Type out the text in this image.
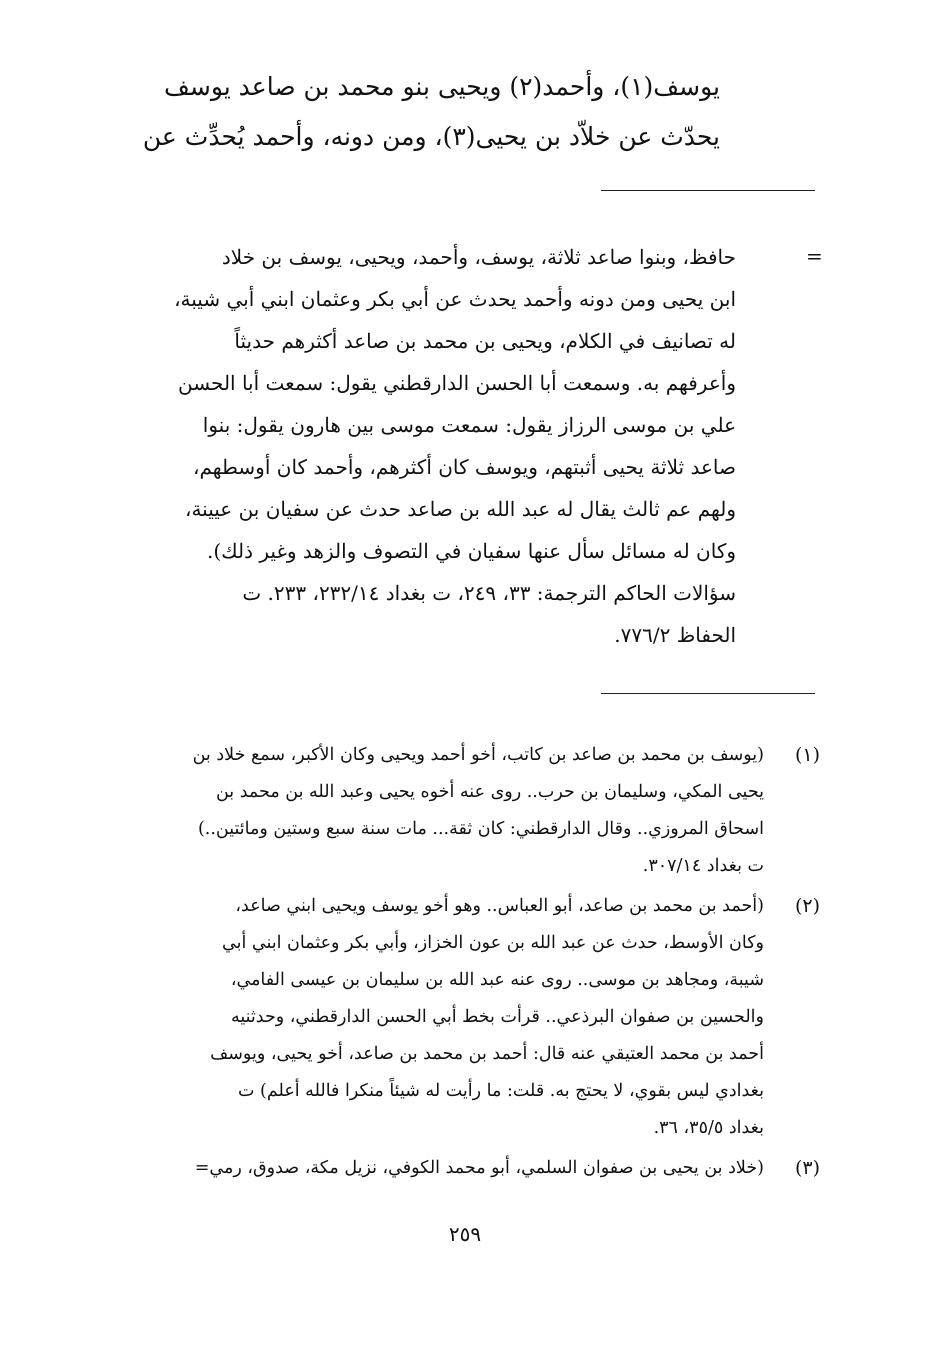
يوسف(١)، وأحمد(٢) ويحيى بنو محمد بن صاعد يوسف
يحدّث عن خلاّد بن يحيى(٣)، ومن دونه، وأحمد يُحدِّث عن
=
حافظ، وبنوا صاعد ثلاثة، يوسف، وأحمد، ويحيى، يوسف بن خلاد
ابن يحيى ومن دونه وأحمد يحدث عن أبي بكر وعثمان ابني أبي شيبة،
له تصانيف في الكلام، ويحيى بن محمد بن صاعد أكثرهم حديثاً
وأعرفهم به. وسمعت أبا الحسن الدارقطني يقول: سمعت أبا الحسن
علي بن موسى الرزاز يقول: سمعت موسى بين هارون يقول: بنوا
صاعد ثلاثة يحيى أثبتهم، ويوسف كان أكثرهم، وأحمد كان أوسطهم،
ولهم عم ثالث يقال له عبد الله بن صاعد حدث عن سفيان بن عيينة،
وكان له مسائل سأل عنها سفيان في التصوف والزهد وغير ذلك).
سؤالات الحاكم الترجمة: ٣٣، ٢٤٩، ت بغداد ٢٣٢/١٤، ٢٣٣. ت
الحفاظ ٧٧٦/٢.
(١)
(يوسف بن محمد بن صاعد بن كاتب، أخو أحمد ويحيى وكان الأكبر، سمع خلاد بن
يحيى المكي، وسليمان بن حرب.. روى عنه أخوه يحيى وعبد الله بن محمد بن
اسحاق المروزي.. وقال الدارقطني: كان ثقة... مات سنة سبع وستين ومائتين..)
ت بغداد ٣٠٧/١٤.
(٢)
(أحمد بن محمد بن صاعد، أبو العباس.. وهو أخو يوسف ويحيى ابني صاعد،
وكان الأوسط، حدث عن عبد الله بن عون الخزاز، وأبي بكر وعثمان ابني أبي
شيبة، ومجاهد بن موسى.. روى عنه عبد الله بن سليمان بن عيسى الفامي،
والحسين بن صفوان البرذعي.. قرأت بخط أبي الحسن الدارقطني، وحدثنيه
أحمد بن محمد العتيقي عنه قال: أحمد بن محمد بن صاعد، أخو يحيى، ويوسف
بغدادي ليس بقوي، لا يحتج به. قلت: ما رأيت له شيئاً منكرا فالله أعلم) ت
بغداد ٣٥/٥، ٣٦.
(٣)
(خلاد بن يحيى بن صفوان السلمي، أبو محمد الكوفي، نزيل مكة، صدوق، رمي=
٢٥٩
